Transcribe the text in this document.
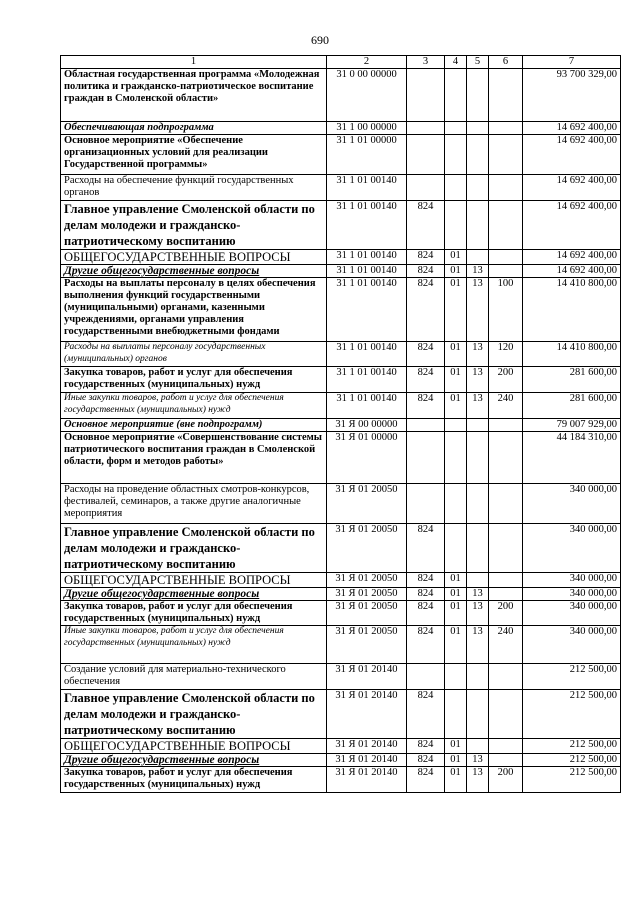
690
1	2	3	4	5	6	7
Областная государственная программа «Молодежная политика и гражданско-патриотическое воспитание граждан в Смоленской области»	31 0 00 00000					93 700 329,00
Обеспечивающая подпрограмма	31 1 00 00000					14 692 400,00
Основное мероприятие «Обеспечение организационных условий для реализации Государственной программы»	31 1 01 00000					14 692 400,00
Расходы на обеспечение функций государственных органов	31 1 01 00140					14 692 400,00
Главное управление Смоленской области по делам молодежи и гражданско-патриотическому воспитанию	31 1 01 00140	824				14 692 400,00
ОБЩЕГОСУДАРСТВЕННЫЕ ВОПРОСЫ	31 1 01 00140	824	01			14 692 400,00
Другие общегосударственные вопросы	31 1 01 00140	824	01	13		14 692 400,00
Расходы на выплаты персоналу в целях обеспечения выполнения функций государственными (муниципальными) органами, казенными учреждениями, органами управления государственными внебюджетными фондами	31 1 01 00140	824	01	13	100	14 410 800,00
Расходы на выплаты персоналу государственных (муниципальных) органов	31 1 01 00140	824	01	13	120	14 410 800,00
Закупка товаров, работ и услуг для обеспечения государственных (муниципальных) нужд	31 1 01 00140	824	01	13	200	281 600,00
Иные закупки товаров, работ и услуг для обеспечения государственных (муниципальных) нужд	31 1 01 00140	824	01	13	240	281 600,00
Основное мероприятие (вне подпрограмм)	31 Я 00 00000					79 007 929,00
Основное мероприятие «Совершенствование системы патриотического воспитания граждан в Смоленской области, форм и методов работы»	31 Я 01 00000					44 184 310,00
Расходы на проведение областных смотров-конкурсов, фестивалей, семинаров, а также другие аналогичные мероприятия	31 Я 01 20050					340 000,00
Главное управление Смоленской области по делам молодежи и гражданско-патриотическому воспитанию	31 Я 01 20050	824				340 000,00
ОБЩЕГОСУДАРСТВЕННЫЕ ВОПРОСЫ	31 Я 01 20050	824	01			340 000,00
Другие общегосударственные вопросы	31 Я 01 20050	824	01	13		340 000,00
Закупка товаров, работ и услуг для обеспечения государственных (муниципальных) нужд	31 Я 01 20050	824	01	13	200	340 000,00
Иные закупки товаров, работ и услуг для обеспечения государственных (муниципальных) нужд	31 Я 01 20050	824	01	13	240	340 000,00
Создание условий для материально-технического обеспечения	31 Я 01 20140					212 500,00
Главное управление Смоленской области по делам молодежи и гражданско-патриотическому воспитанию	31 Я 01 20140	824				212 500,00
ОБЩЕГОСУДАРСТВЕННЫЕ ВОПРОСЫ	31 Я 01 20140	824	01			212 500,00
Другие общегосударственные вопросы	31 Я 01 20140	824	01	13		212 500,00
Закупка товаров, работ и услуг для обеспечения государственных (муниципальных) нужд	31 Я 01 20140	824	01	13	200	212 500,00
